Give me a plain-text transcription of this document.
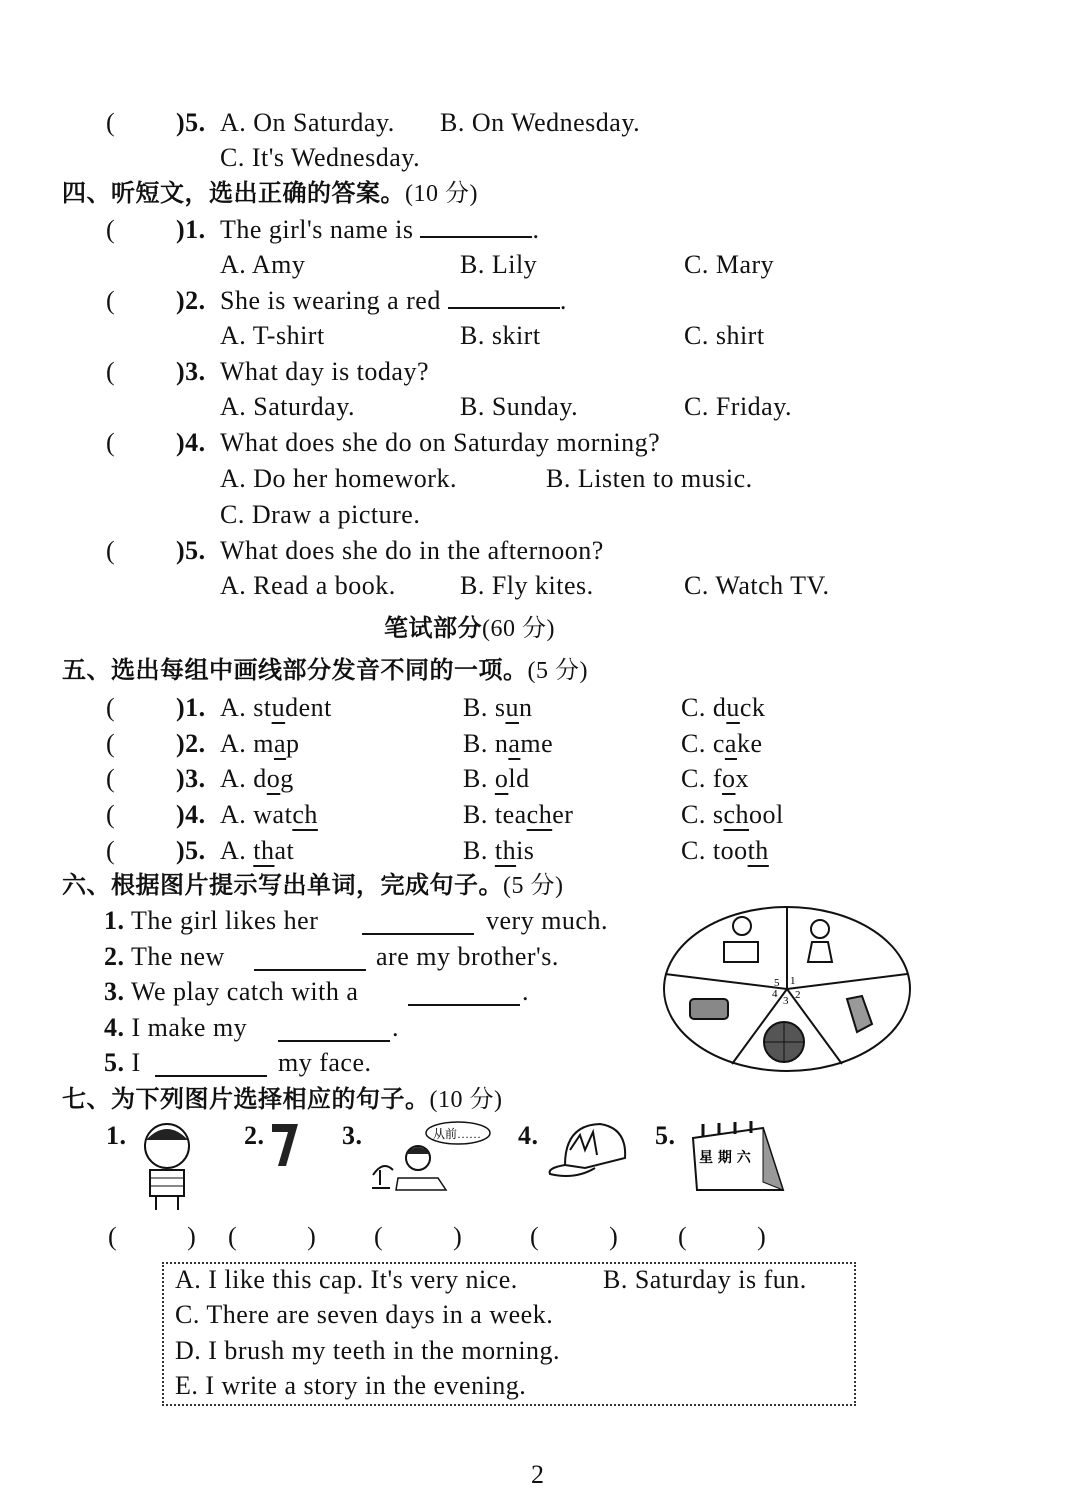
( )5. A. On Saturday. B. On Wednesday.
C. It's Wednesday.
四、听短文，选出正确的答案。(10 分)
笔试部分(60 分)
五、选出每组中画线部分发音不同的一项。(5 分)
六、根据图片提示写出单词，完成句子。(5 分)
5 1
2
3
4
七、为下列图片选择相应的句子。(10 分)
1.	2.	3.	4.	5.
从前……
星 期 六
(          ) (          ) (          )	(          ) (          )
A. I like this cap. It's very nice.	B. Saturday is fun.
C. There are seven days in a week.
D. I brush my teeth in the morning.
E. I write a story in the evening.
2
( )1. The girl's name is	.
A. Amy	B. Lily	C. Mary
( )2. She is wearing a red	.
A. T-shirt	B. skirt	C. shirt
( )3. What day is today?
A. Saturday.	B. Sunday.	C. Friday.
( )4. What does she do on Saturday morning?
A. Do her homework.	B. Listen to music.
C. Draw a picture.
( )5. What does she do in the afternoon?
A. Read a book. B. Fly kites.	C. Watch TV.
( )1. A. student	B. sun	C. duck
( )2. A. map	B. name	C. cake
( )3. A. dog	B. old	C. fox
( )4. A. watch	B. teacher	C. school
( )5. A. that	B. this	C. tooth
1. The girl likes her	very much.
2. The new	are my brother's.
3. We play catch with a	.
4. I make my	.
5. I	my face.
